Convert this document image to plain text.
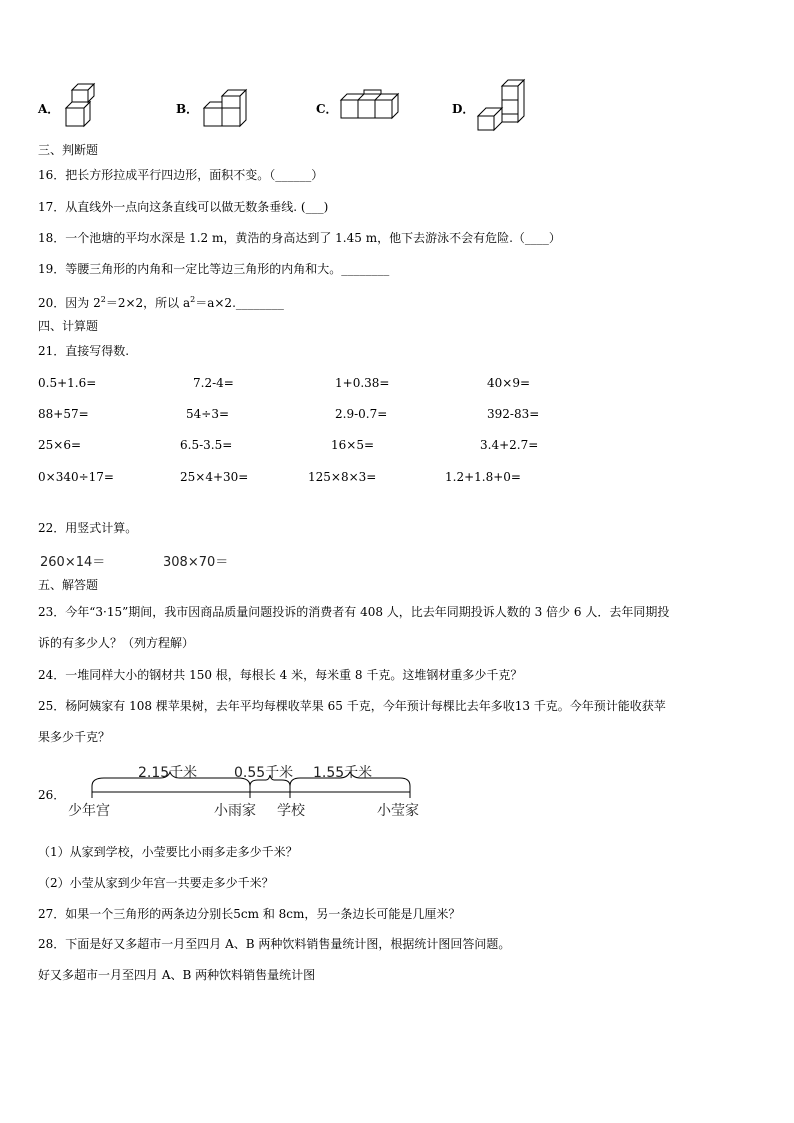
A．	B．	C．	D．
三、判断题
16．把长方形拉成平行四边形，面积不变。（______）
17．从直线外一点向这条直线可以做无数条垂线. (___)
18．一个池塘的平均水深是 1.2 m，黄浩的身高达到了 1.45 m，他下去游泳不会有危险.（____）
19．等腰三角形的内角和一定比等边三角形的内角和大。________
20．因为 $2^2=2\times 2$，所以 $a^2=a\times 2.\_\_\_\_\_\_\_\_$
四、计算题
21．直接写得数.
0.5+1.6=	7.2-4=	1+0.38=	40×9=
88+57=	54÷3=	2.9-0.7=	392-83=
25×6=	6.5-3.5=	16×5=	3.4+2.7=
0×340÷17=	25×4+30=	125×8×3=	1.2+1.8+0=
22．用竖式计算。
260×14＝	308×70＝
五、解答题
23．今年“3·15”期间，我市因商品质量问题投诉的消费者有 408 人，比去年同期投诉人数的 3 倍少 6 人．去年同期投
诉的有多少人？（列方程解）
24．一堆同样大小的钢材共 150 根，每根长 4 米，每米重 8 千克。这堆钢材重多少千克？
25．杨阿姨家有 108 棵苹果树，去年平均每棵收苹果 65 千克，今年预计每棵比去年多收13 千克。今年预计能收获苹
果多少千克？
26．
2.15千米	0.55千米 1.55千米
少年宫	小雨家 学校	小莹家
（1）从家到学校，小莹要比小雨多走多少千米？
（2）小莹从家到少年宫一共要走多少千米？
27．如果一个三角形的两条边分别长5cm 和 8cm，另一条边长可能是几厘米？
28．下面是好又多超市一月至四月 A、B 两种饮料销售量统计图，根据统计图回答问题。
好又多超市一月至四月 A、B 两种饮料销售量统计图
